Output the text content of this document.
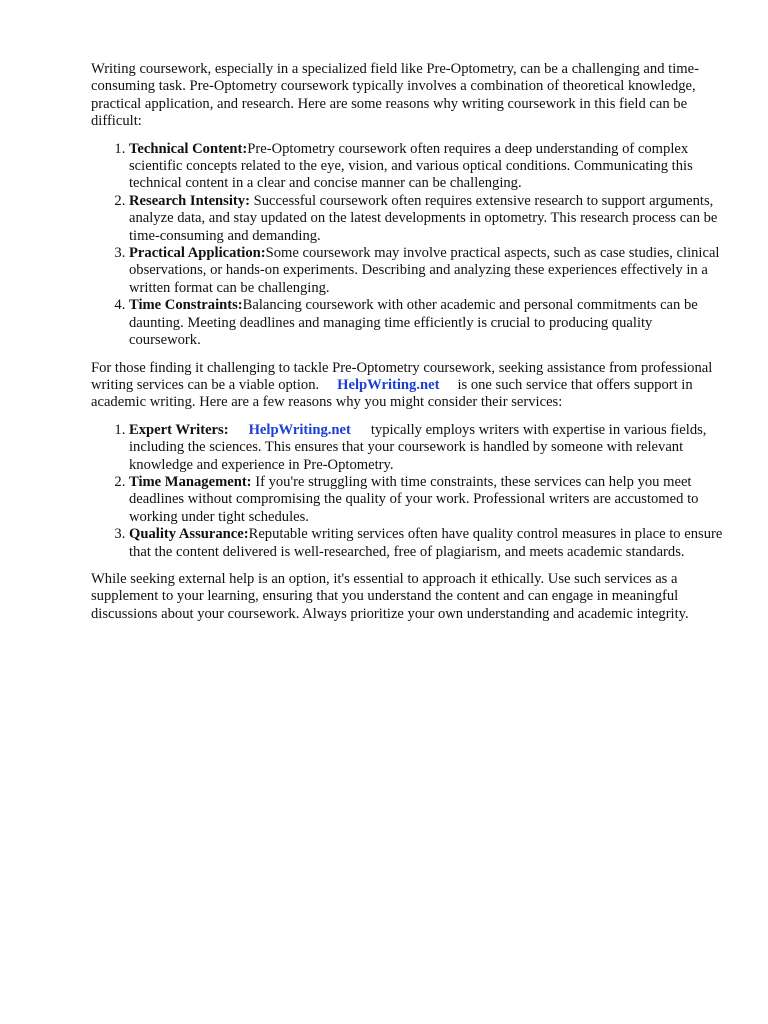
Writing coursework, especially in a specialized field like Pre-Optometry, can be a challenging and time-consuming task. Pre-Optometry coursework typically involves a combination of theoretical knowledge, practical application, and research. Here are some reasons why writing coursework in this field can be difficult:

1. Technical Content:Pre-Optometry coursework often requires a deep understanding of complex scientific concepts related to the eye, vision, and various optical conditions. Communicating this technical content in a clear and concise manner can be challenging.
2. Research Intensity: Successful coursework often requires extensive research to support arguments, analyze data, and stay updated on the latest developments in optometry. This research process can be time-consuming and demanding.
3. Practical Application:Some coursework may involve practical aspects, such as case studies, clinical observations, or hands-on experiments. Describing and analyzing these experiences effectively in a written format can be challenging.
4. Time Constraints:Balancing coursework with other academic and personal commitments can be daunting. Meeting deadlines and managing time efficiently is crucial to producing quality coursework.

For those finding it challenging to tackle Pre-Optometry coursework, seeking assistance from professional writing services can be a viable option. HelpWriting.net is one such service that offers support in academic writing. Here are a few reasons why you might consider their services:

1. Expert Writers: HelpWriting.net typically employs writers with expertise in various fields, including the sciences. This ensures that your coursework is handled by someone with relevant knowledge and experience in Pre-Optometry.
2. Time Management: If you're struggling with time constraints, these services can help you meet deadlines without compromising the quality of your work. Professional writers are accustomed to working under tight schedules.
3. Quality Assurance:Reputable writing services often have quality control measures in place to ensure that the content delivered is well-researched, free of plagiarism, and meets academic standards.

While seeking external help is an option, it's essential to approach it ethically. Use such services as a supplement to your learning, ensuring that you understand the content and can engage in meaningful discussions about your coursework. Always prioritize your own understanding and academic integrity.
